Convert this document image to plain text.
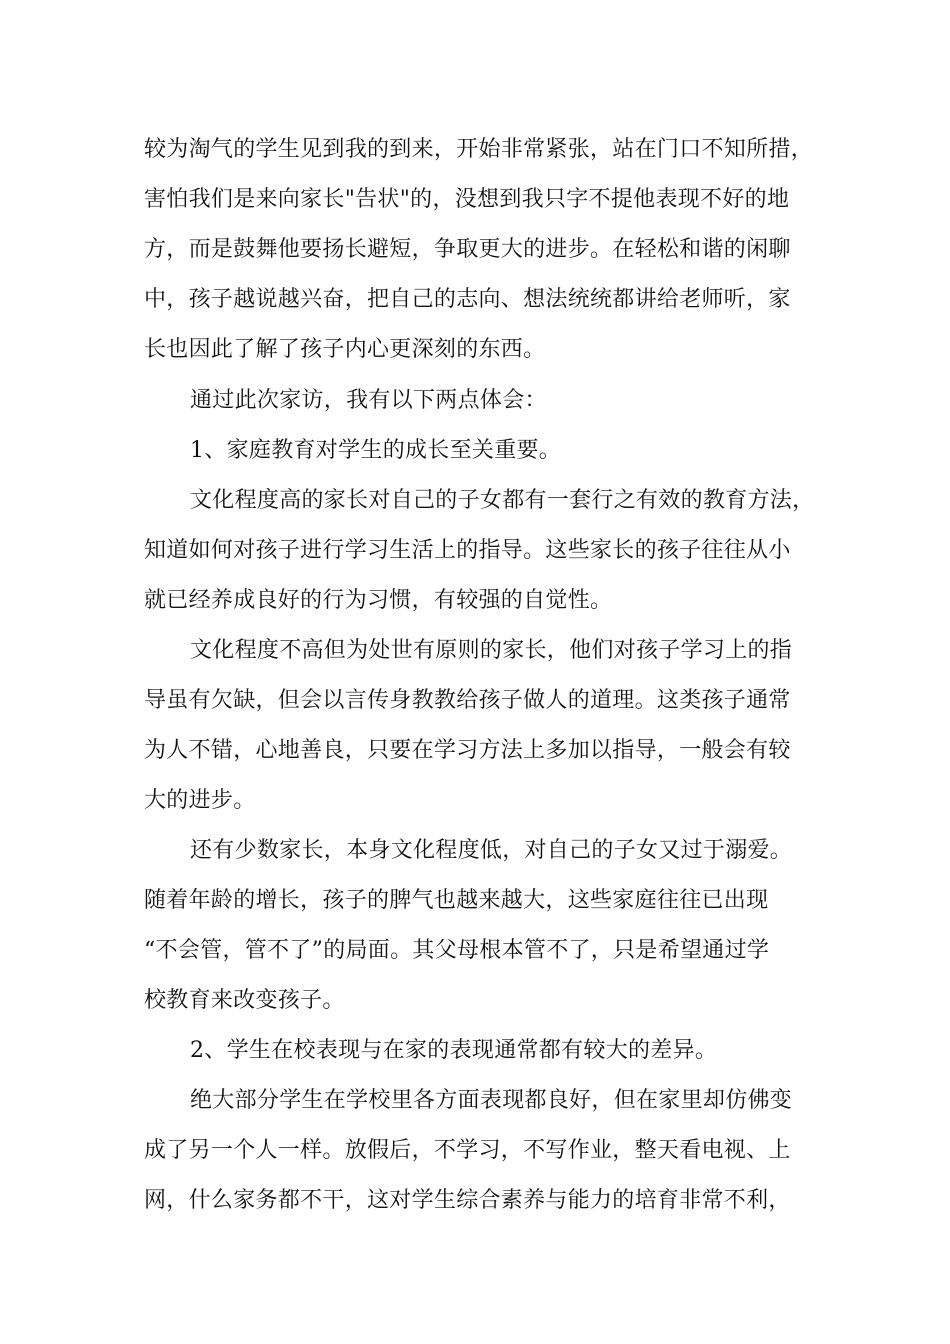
较为淘气的学生见到我的到来，开始非常紧张，站在门口不知所措，
害怕我们是来向家长"告状"的，没想到我只字不提他表现不好的地
方，而是鼓舞他要扬长避短，争取更大的进步。在轻松和谐的闲聊
中，孩子越说越兴奋，把自己的志向、想法统统都讲给老师听，家
长也因此了解了孩子内心更深刻的东西。
通过此次家访，我有以下两点体会：
1、家庭教育对学生的成长至关重要。
文化程度高的家长对自己的子女都有一套行之有效的教育方法，
知道如何对孩子进行学习生活上的指导。这些家长的孩子往往从小
就已经养成良好的行为习惯，有较强的自觉性。
文化程度不高但为处世有原则的家长，他们对孩子学习上的指
导虽有欠缺，但会以言传身教教给孩子做人的道理。这类孩子通常
为人不错，心地善良，只要在学习方法上多加以指导，一般会有较
大的进步。
还有少数家长，本身文化程度低，对自己的子女又过于溺爱。
随着年龄的增长，孩子的脾气也越来越大，这些家庭往往已出现
“不会管，管不了”的局面。其父母根本管不了，只是希望通过学
校教育来改变孩子。
2、学生在校表现与在家的表现通常都有较大的差异。
绝大部分学生在学校里各方面表现都良好，但在家里却仿佛变
成了另一个人一样。放假后，不学习，不写作业，整天看电视、上
网，什么家务都不干，这对学生综合素养与能力的培育非常不利，
